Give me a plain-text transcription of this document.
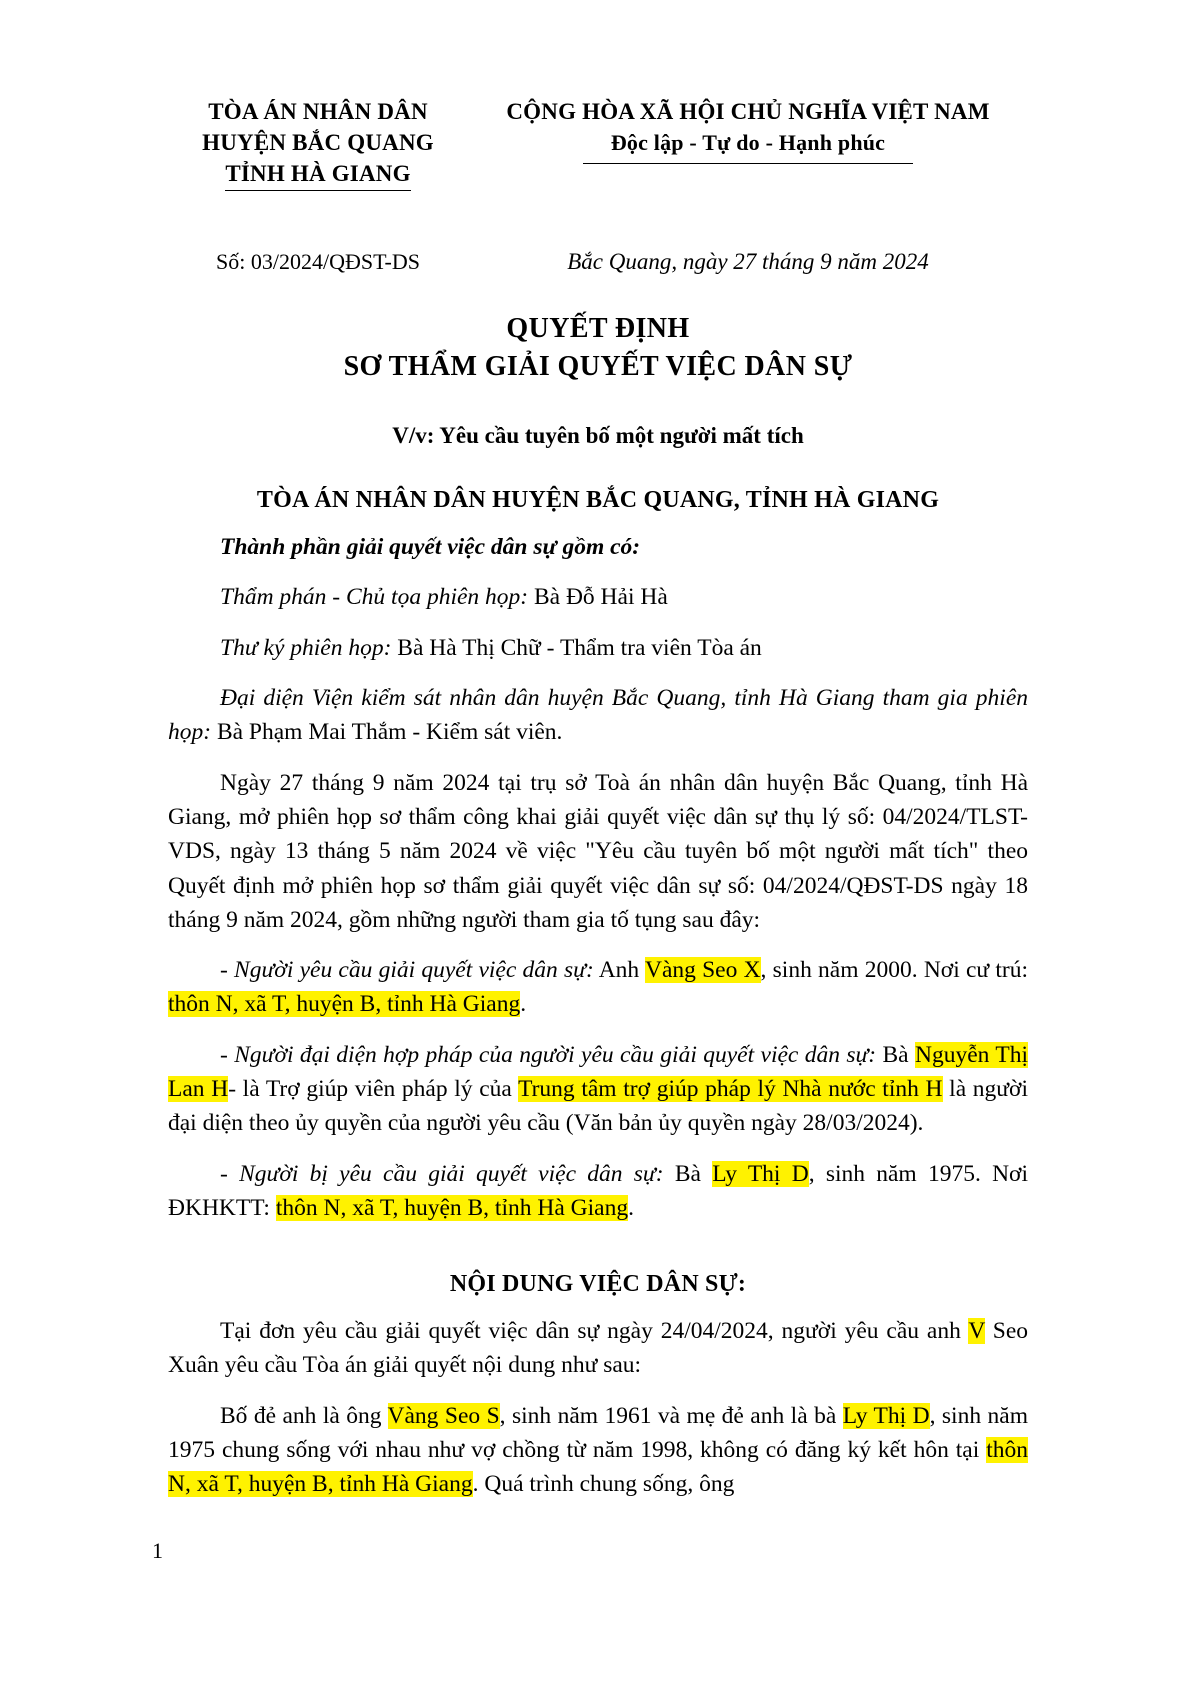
TÒA ÁN NHÂN DÂN
HUYỆN BẮC QUANG
TỈNH HÀ GIANG
CỘNG HÒA XÃ HỘI CHỦ NGHĨA VIỆT NAM
Độc lập - Tự do - Hạnh phúc
Số: 03/2024/QĐST-DS	Bắc Quang, ngày 27 tháng 9 năm 2024
QUYẾT ĐỊNH
SƠ THẨM GIẢI QUYẾT VIỆC DÂN SỰ
V/v: Yêu cầu tuyên bố một người mất tích
TÒA ÁN NHÂN DÂN HUYỆN BẮC QUANG, TỈNH HÀ GIANG
Thành phần giải quyết việc dân sự gồm có:
Thẩm phán - Chủ tọa phiên họp: Bà Đỗ Hải Hà
Thư ký phiên họp: Bà Hà Thị Chữ - Thẩm tra viên Tòa án
Đại diện Viện kiểm sát nhân dân huyện Bắc Quang, tỉnh Hà Giang tham gia phiên họp: Bà Phạm Mai Thắm - Kiểm sát viên.
Ngày 27 tháng 9 năm 2024 tại trụ sở Toà án nhân dân huyện Bắc Quang, tỉnh Hà Giang, mở phiên họp sơ thẩm công khai giải quyết việc dân sự thụ lý số: 04/2024/TLST-VDS, ngày 13 tháng 5 năm 2024 về việc "Yêu cầu tuyên bố một người mất tích" theo Quyết định mở phiên họp sơ thẩm giải quyết việc dân sự số: 04/2024/QĐST-DS ngày 18 tháng 9 năm 2024, gồm những người tham gia tố tụng sau đây:
- Người yêu cầu giải quyết việc dân sự: Anh Vàng Seo X, sinh năm 2000. Nơi cư trú: thôn N, xã T, huyện B, tỉnh Hà Giang.
- Người đại diện hợp pháp của người yêu cầu giải quyết việc dân sự: Bà Nguyễn Thị Lan H- là Trợ giúp viên pháp lý của Trung tâm trợ giúp pháp lý Nhà nước tỉnh H là người đại diện theo ủy quyền của người yêu cầu (Văn bản ủy quyền ngày 28/03/2024).
- Người bị yêu cầu giải quyết việc dân sự: Bà Ly Thị D, sinh năm 1975. Nơi ĐKHKTT: thôn N, xã T, huyện B, tỉnh Hà Giang.
NỘI DUNG VIỆC DÂN SỰ:
Tại đơn yêu cầu giải quyết việc dân sự ngày 24/04/2024, người yêu cầu anh V Seo Xuân yêu cầu Tòa án giải quyết nội dung như sau:
Bố đẻ anh là ông Vàng Seo S, sinh năm 1961 và mẹ đẻ anh là bà Ly Thị D, sinh năm 1975 chung sống với nhau như vợ chồng từ năm 1998, không có đăng ký kết hôn tại thôn N, xã T, huyện B, tỉnh Hà Giang. Quá trình chung sống, ông
1
